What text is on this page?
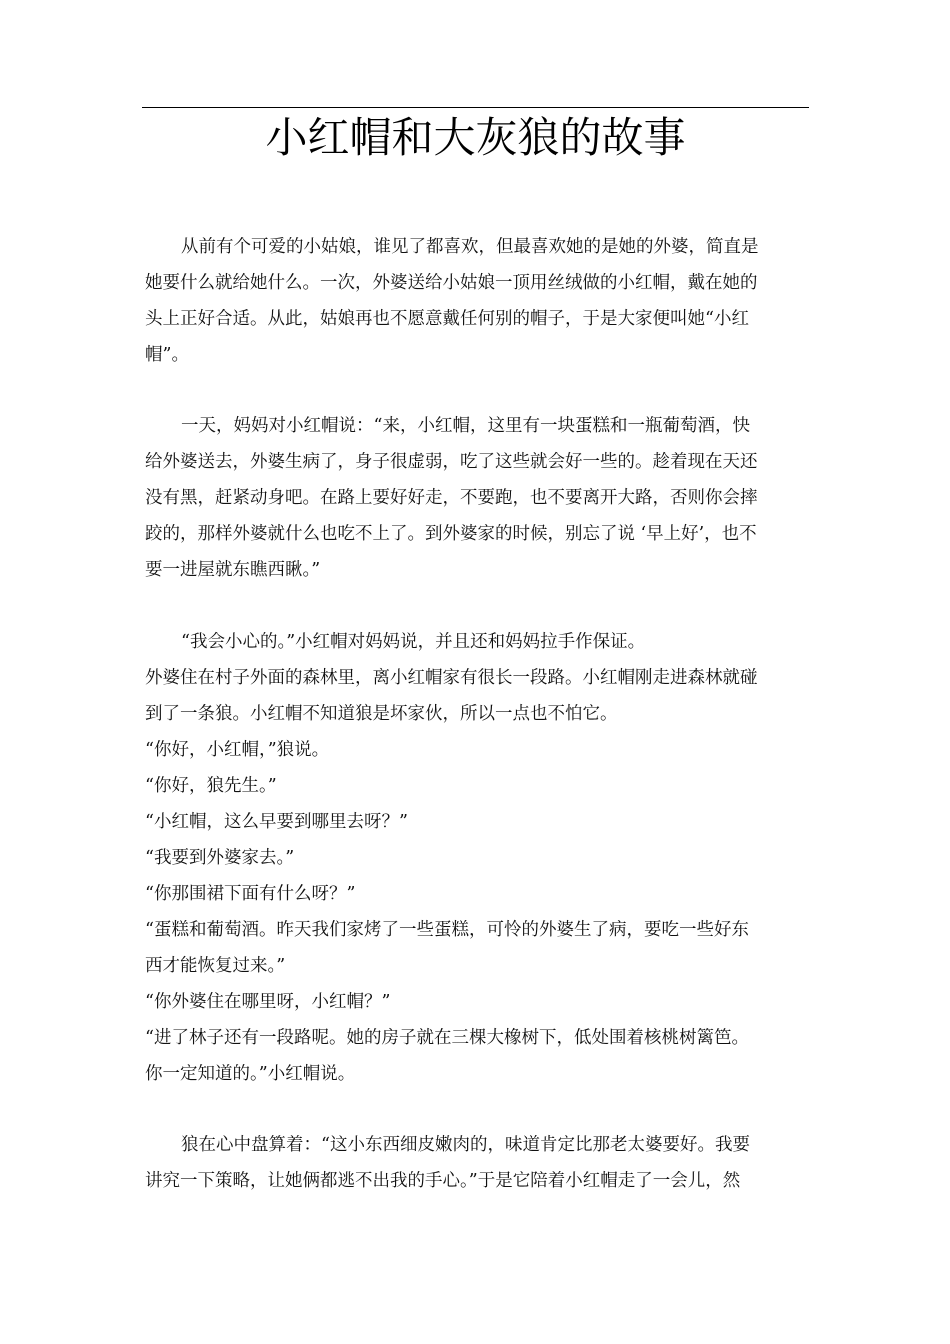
小红帽和大灰狼的故事
从前有个可爱的小姑娘，谁见了都喜欢，但最喜欢她的是她的外婆，简直是
她要什么就给她什么。一次，外婆送给小姑娘一顶用丝绒做的小红帽，戴在她的
头上正好合适。从此，姑娘再也不愿意戴任何别的帽子，于是大家便叫她“小红
帽”。
一天，妈妈对小红帽说：“来，小红帽，这里有一块蛋糕和一瓶葡萄酒，快
给外婆送去，外婆生病了，身子很虚弱，吃了这些就会好一些的。趁着现在天还
没有黑，赶紧动身吧。在路上要好好走，不要跑，也不要离开大路，否则你会摔
跤的，那样外婆就什么也吃不上了。到外婆家的时候，别忘了说 ‘早上好’，也不
要一进屋就东瞧西瞅。”
“我会小心的。”小红帽对妈妈说，并且还和妈妈拉手作保证。
外婆住在村子外面的森林里，离小红帽家有很长一段路。小红帽刚走进森林就碰
到了一条狼。小红帽不知道狼是坏家伙，所以一点也不怕它。
“你好，小红帽，”狼说。
“你好，狼先生。”
“小红帽，这么早要到哪里去呀？”
“我要到外婆家去。”
“你那围裙下面有什么呀？”
“蛋糕和葡萄酒。昨天我们家烤了一些蛋糕，可怜的外婆生了病，要吃一些好东
西才能恢复过来。”
“你外婆住在哪里呀，小红帽？”
“进了林子还有一段路呢。她的房子就在三棵大橡树下，低处围着核桃树篱笆。
你一定知道的。”小红帽说。
狼在心中盘算着：“这小东西细皮嫩肉的，味道肯定比那老太婆要好。我要
讲究一下策略，让她俩都逃不出我的手心。”于是它陪着小红帽走了一会儿，然
